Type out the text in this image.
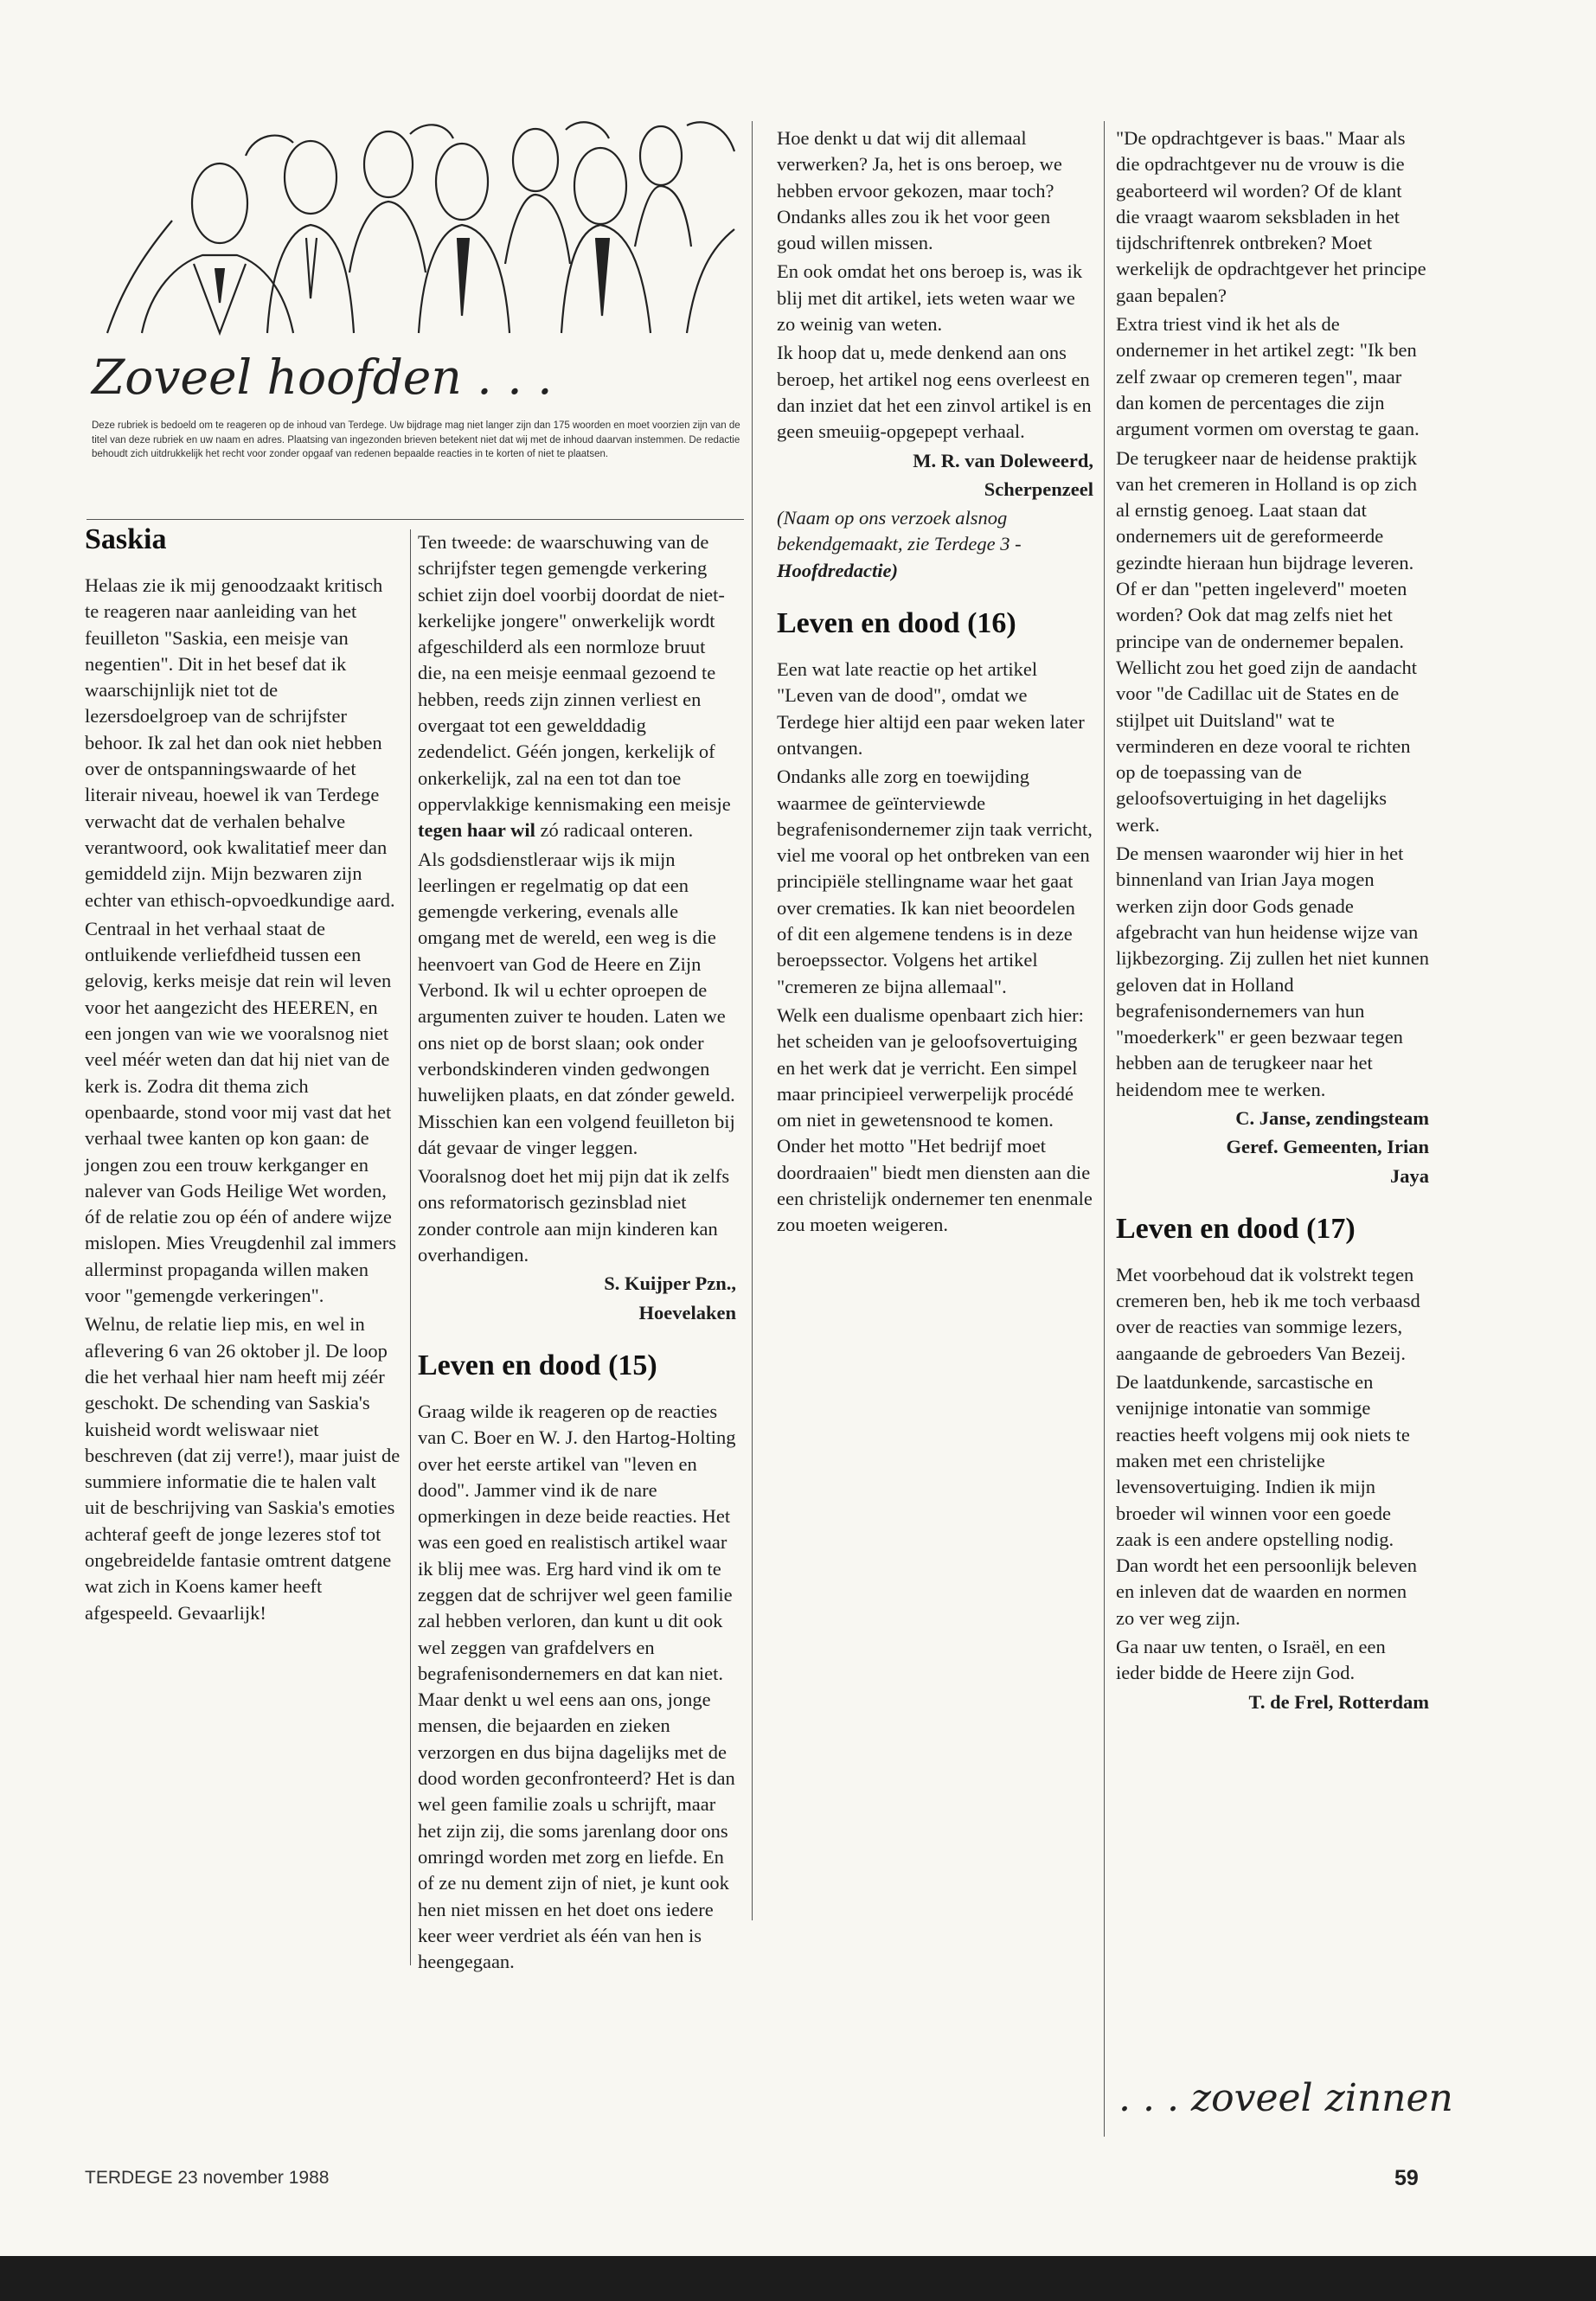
Zoveel hoofden . . .
Deze rubriek is bedoeld om te reageren op de inhoud van Terdege. Uw bijdrage mag niet langer zijn dan 175 woorden en moet voorzien zijn van de titel van deze rubriek en uw naam en adres. Plaatsing van ingezonden brieven betekent niet dat wij met de inhoud daarvan instemmen. De redactie behoudt zich uitdrukkelijk het recht voor zonder opgaaf van redenen bepaalde reacties in te korten of niet te plaatsen.
Saskia

Helaas zie ik mij genoodzaakt kritisch te reageren naar aanleiding van het feuilleton "Saskia, een meisje van negentien". Dit in het besef dat ik waarschijnlijk niet tot de lezersdoelgroep van de schrijfster behoor. Ik zal het dan ook niet hebben over de ontspanningswaarde of het literair niveau, hoewel ik van Terdege verwacht dat de verhalen behalve verantwoord, ook kwalitatief meer dan gemiddeld zijn. Mijn bezwaren zijn echter van ethisch-opvoedkundige aard.

Centraal in het verhaal staat de ontluikende verliefdheid tussen een gelovig, kerks meisje dat rein wil leven voor het aangezicht des HEEREN, en een jongen van wie we vooralsnog niet veel méér weten dan dat hij niet van de kerk is. Zodra dit thema zich openbaarde, stond voor mij vast dat het verhaal twee kanten op kon gaan: de jongen zou een trouw kerkganger en nalever van Gods Heilige Wet worden, óf de relatie zou op één of andere wijze mislopen. Mies Vreugdenhil zal immers allerminst propaganda willen maken voor "gemengde verkeringen".

Welnu, de relatie liep mis, en wel in aflevering 6 van 26 oktober jl. De loop die het verhaal hier nam heeft mij zéér geschokt. De schending van Saskia's kuisheid wordt weliswaar niet beschreven (dat zij verre!), maar juist de summiere informatie die te halen valt uit de beschrijving van Saskia's emoties achteraf geeft de jonge lezeres stof tot ongebreidelde fantasie omtrent datgene wat zich in Koens kamer heeft afgespeeld. Gevaarlijk!

Ten tweede: de waarschuwing van de schrijfster tegen gemengde verkering schiet zijn doel voorbij doordat de niet-kerkelijke jongere" onwerkelijk wordt afgeschilderd als een normloze bruut die, na een meisje eenmaal gezoend te hebben, reeds zijn zinnen verliest en overgaat tot een gewelddadig zedendelict. Géén jongen, kerkelijk of onkerkelijk, zal na een tot dan toe oppervlakkige kennismaking een meisje tegen haar wil zó radicaal onteren.

Als godsdienstleraar wijs ik mijn leerlingen er regelmatig op dat een gemengde verkering, evenals alle omgang met de wereld, een weg is die heenvoert van God de Heere en Zijn Verbond. Ik wil u echter oproepen de argumenten zuiver te houden. Laten we ons niet op de borst slaan; ook onder verbondskinderen vinden gedwongen huwelijken plaats, en dat zónder geweld. Misschien kan een volgend feuilleton bij dát gevaar de vinger leggen.

Vooralsnog doet het mij pijn dat ik zelfs ons reformatorisch gezinsblad niet zonder controle aan mijn kinderen kan overhandigen.

S. Kuijper Pzn.,

Hoevelaken

Leven en dood (15)

Graag wilde ik reageren op de reacties van C. Boer en W. J. den Hartog-Holting over het eerste artikel van "leven en dood". Jammer vind ik de nare opmerkingen in deze beide reacties. Het was een goed en realistisch artikel waar ik blij mee was. Erg hard vind ik om te zeggen dat de schrijver wel geen familie zal hebben verloren, dan kunt u dit ook wel zeggen van grafdelvers en begrafenisondernemers en dat kan niet. Maar denkt u wel eens aan ons, jonge mensen, die bejaarden en zieken verzorgen en dus bijna dagelijks met de dood worden geconfronteerd? Het is dan wel geen familie zoals u schrijft, maar het zijn zij, die soms jarenlang door ons omringd worden met zorg en liefde. En of ze nu dement zijn of niet, je kunt ook hen niet missen en het doet ons iedere keer weer verdriet als één van hen is heengegaan.

Hoe denkt u dat wij dit allemaal verwerken? Ja, het is ons beroep, we hebben ervoor gekozen, maar toch? Ondanks alles zou ik het voor geen goud willen missen.

En ook omdat het ons beroep is, was ik blij met dit artikel, iets weten waar we zo weinig van weten.

Ik hoop dat u, mede denkend aan ons beroep, het artikel nog eens overleest en dan inziet dat het een zinvol artikel is en geen smeuiig-opgepept verhaal.

M. R. van Doleweerd,

Scherpenzeel

(Naam op ons verzoek alsnog bekendgemaakt, zie Terdege 3 - Hoofdredactie)

Leven en dood (16)

Een wat late reactie op het artikel "Leven van de dood", omdat we Terdege hier altijd een paar weken later ontvangen.

Ondanks alle zorg en toewijding waarmee de geïnterviewde begrafenisondernemer zijn taak verricht, viel me vooral op het ontbreken van een principiële stellingname waar het gaat over crematies. Ik kan niet beoordelen of dit een algemene tendens is in deze beroepssector. Volgens het artikel "cremeren ze bijna allemaal".

Welk een dualisme openbaart zich hier: het scheiden van je geloofsovertuiging en het werk dat je verricht. Een simpel maar principieel verwerpelijk procédé om niet in gewetensnood te komen. Onder het motto "Het bedrijf moet doordraaien" biedt men diensten aan die een christelijk ondernemer ten enenmale zou moeten weigeren.

"De opdrachtgever is baas." Maar als die opdrachtgever nu de vrouw is die geaborteerd wil worden? Of de klant die vraagt waarom seksbladen in het tijdschriftenrek ontbreken? Moet werkelijk de opdrachtgever het principe gaan bepalen?

Extra triest vind ik het als de ondernemer in het artikel zegt: "Ik ben zelf zwaar op cremeren tegen", maar dan komen de percentages die zijn argument vormen om overstag te gaan.

De terugkeer naar de heidense praktijk van het cremeren in Holland is op zich al ernstig genoeg. Laat staan dat ondernemers uit de gereformeerde gezindte hieraan hun bijdrage leveren. Of er dan "petten ingeleverd" moeten worden? Ook dat mag zelfs niet het principe van de ondernemer bepalen. Wellicht zou het goed zijn de aandacht voor "de Cadillac uit de States en de stijlpet uit Duitsland" wat te verminderen en deze vooral te richten op de toepassing van de geloofsovertuiging in het dagelijks werk.

De mensen waaronder wij hier in het binnenland van Irian Jaya mogen werken zijn door Gods genade afgebracht van hun heidense wijze van lijkbezorging. Zij zullen het niet kunnen geloven dat in Holland begrafenisondernemers van hun "moederkerk" er geen bezwaar tegen hebben aan de terugkeer naar het heidendom mee te werken.

C. Janse, zendingsteam

Geref. Gemeenten, Irian

Jaya

Leven en dood (17)

Met voorbehoud dat ik volstrekt tegen cremeren ben, heb ik me toch verbaasd over de reacties van sommige lezers, aangaande de gebroeders Van Bezeij.

De laatdunkende, sarcastische en venijnige intonatie van sommige reacties heeft volgens mij ook niets te maken met een christelijke levensovertuiging. Indien ik mijn broeder wil winnen voor een goede zaak is een andere opstelling nodig. Dan wordt het een persoonlijk beleven en inleven dat de waarden en normen zo ver weg zijn.

Ga naar uw tenten, o Israël, en een ieder bidde de Heere zijn God.

T. de Frel, Rotterdam

. . . zoveel zinnen
TERDEGE 23 november 1988	59
